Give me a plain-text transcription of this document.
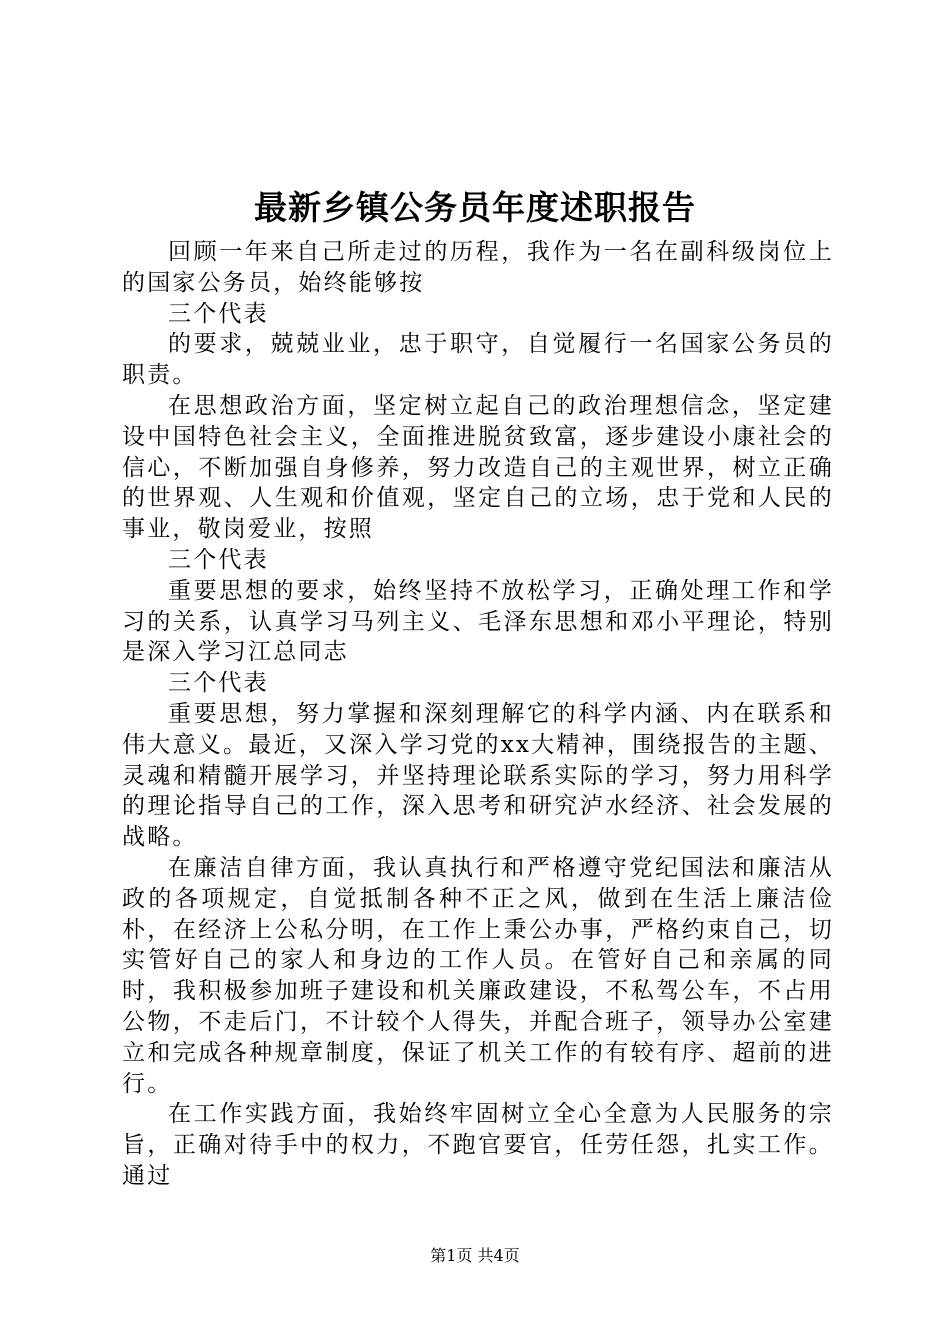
最新乡镇公务员年度述职报告

回顾一年来自己所走过的历程，我作为一名在副科级岗位上的国家公务员，始终能够按

三个代表

的要求，兢兢业业，忠于职守，自觉履行一名国家公务员的职责。

在思想政治方面，坚定树立起自己的政治理想信念，坚定建设中国特色社会主义，全面推进脱贫致富，逐步建设小康社会的信心，不断加强自身修养，努力改造自己的主观世界，树立正确的世界观、人生观和价值观，坚定自己的立场，忠于党和人民的事业，敬岗爱业，按照

三个代表

重要思想的要求，始终坚持不放松学习，正确处理工作和学习的关系，认真学习马列主义、毛泽东思想和邓小平理论，特别是深入学习江总同志

三个代表

重要思想，努力掌握和深刻理解它的科学内涵、内在联系和伟大意义。最近，又深入学习党的xx大精神，围绕报告的主题、灵魂和精髓开展学习，并坚持理论联系实际的学习，努力用科学的理论指导自己的工作，深入思考和研究泸水经济、社会发展的战略。

在廉洁自律方面，我认真执行和严格遵守党纪国法和廉洁从政的各项规定，自觉抵制各种不正之风，做到在生活上廉洁俭朴，在经济上公私分明，在工作上秉公办事，严格约束自己，切实管好自己的家人和身边的工作人员。在管好自己和亲属的同时，我积极参加班子建设和机关廉政建设，不私驾公车，不占用公物，不走后门，不计较个人得失，并配合班子，领导办公室建立和完成各种规章制度，保证了机关工作的有较有序、超前的进行。

在工作实践方面，我始终牢固树立全心全意为人民服务的宗旨，正确对待手中的权力，不跑官要官，任劳任怨，扎实工作。通过

第1页 共4页
